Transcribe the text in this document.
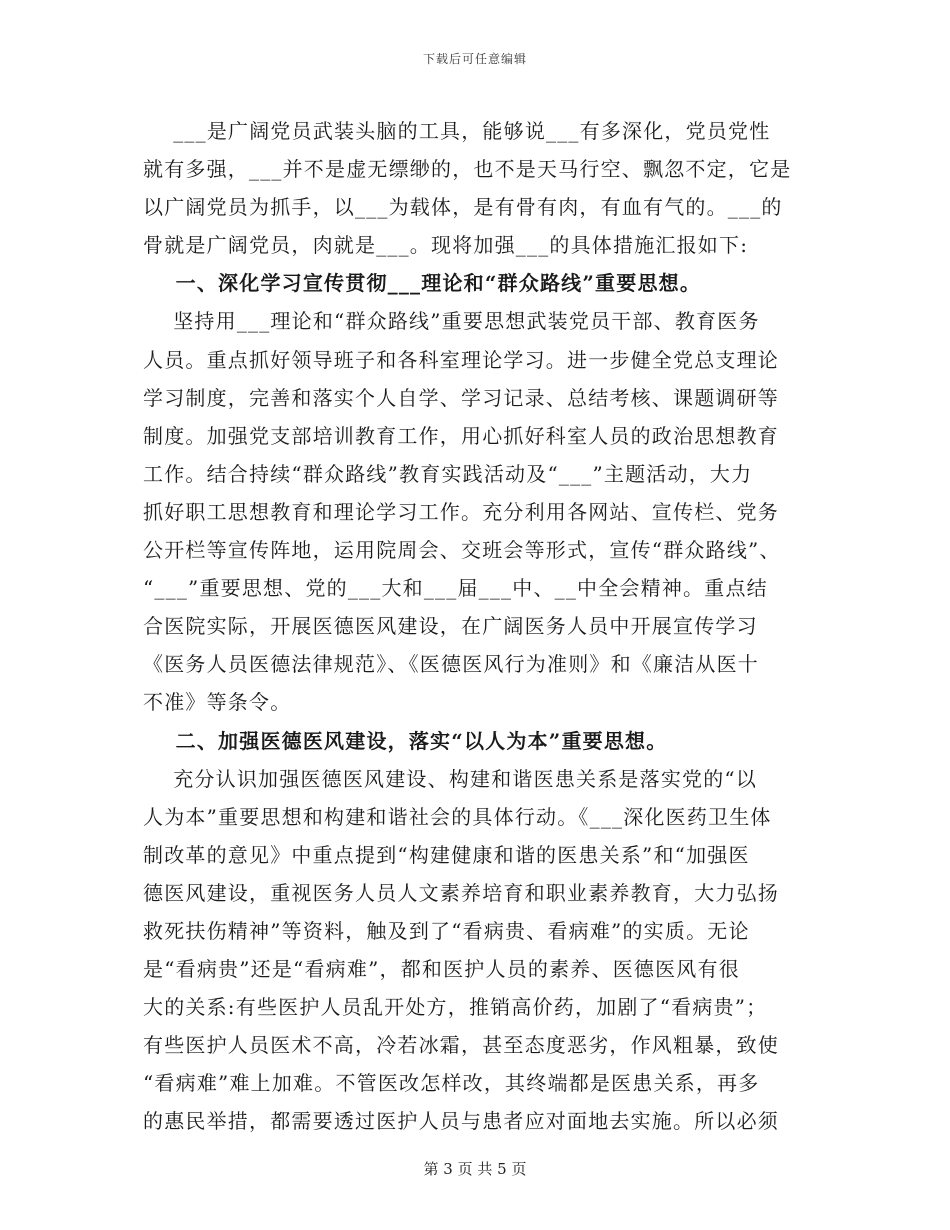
下载后可任意编辑
___是广阔党员武装头脑的工具，能够说___有多深化，党员党性
就有多强，___并不是虚无缥缈的，也不是天马行空、飘忽不定，它是
以广阔党员为抓手，以___为载体，是有骨有肉，有血有气的。___的
骨就是广阔党员，肉就是___。现将加强___的具体措施汇报如下:
一、深化学习宣传贯彻___理论和“群众路线”重要思想。
坚持用___理论和“群众路线”重要思想武装党员干部、教育医务
人员。重点抓好领导班子和各科室理论学习。进一步健全党总支理论
学习制度，完善和落实个人自学、学习记录、总结考核、课题调研等
制度。加强党支部培训教育工作，用心抓好科室人员的政治思想教育
工作。结合持续“群众路线”教育实践活动及“___”主题活动，大力
抓好职工思想教育和理论学习工作。充分利用各网站、宣传栏、党务
公开栏等宣传阵地，运用院周会、交班会等形式，宣传“群众路线”、
“___”重要思想、党的___大和___届___中、__中全会精神。重点结
合医院实际，开展医德医风建设，在广阔医务人员中开展宣传学习
《医务人员医德法律规范》、《医德医风行为准则》和《廉洁从医十
不准》等条令。
二、加强医德医风建设，落实“以人为本”重要思想。
充分认识加强医德医风建设、构建和谐医患关系是落实党的“以
人为本”重要思想和构建和谐社会的具体行动。《___深化医药卫生体
制改革的意见》中重点提到“构建健康和谐的医患关系”和“加强医
德医风建设，重视医务人员人文素养培育和职业素养教育，大力弘扬
救死扶伤精神”等资料，触及到了“看病贵、看病难”的实质。无论
是“看病贵”还是“看病难”，都和医护人员的素养、医德医风有很
大的关系:有些医护人员乱开处方，推销高价药，加剧了“看病贵”；
有些医护人员医术不高，冷若冰霜，甚至态度恶劣，作风粗暴，致使
“看病难”难上加难。不管医改怎样改，其终端都是医患关系，再多
的惠民举措，都需要透过医护人员与患者应对面地去实施。所以必须
第 3 页 共 5 页
